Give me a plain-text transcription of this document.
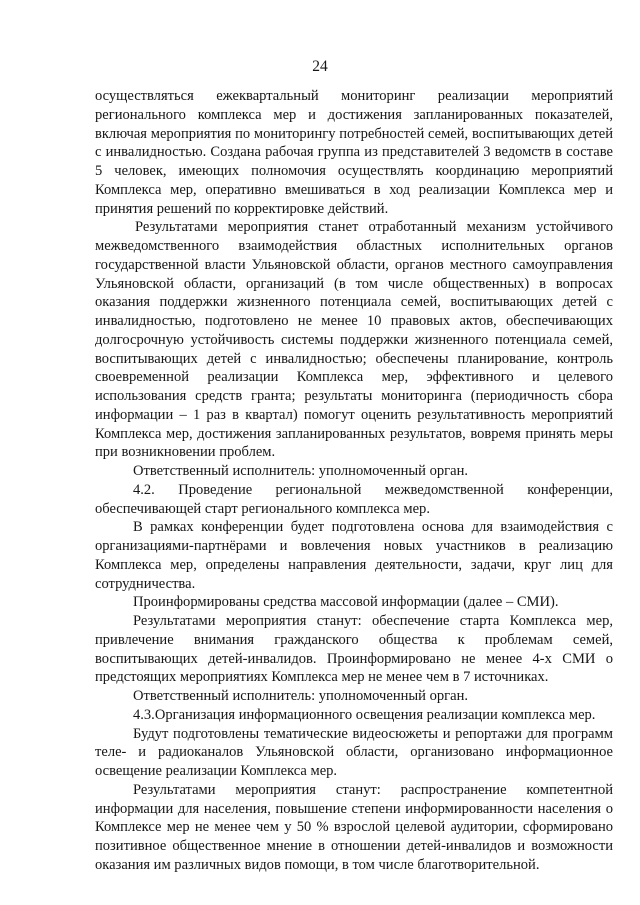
24

осуществляться ежеквартальный мониторинг реализации мероприятий регионального комплекса мер и достижения запланированных показателей, включая мероприятия по мониторингу потребностей семей, воспитывающих детей с инвалидностью. Создана рабочая группа из представителей 3 ведомств в составе 5 человек, имеющих полномочия осуществлять координацию мероприятий Комплекса мер, оперативно вмешиваться в ход реализации Комплекса мер и принятия решений по корректировке действий.

Результатами мероприятия станет отработанный механизм устойчивого межведомственного взаимодействия областных исполнительных органов государственной власти Ульяновской области, органов местного самоуправления Ульяновской области, организаций (в том числе общественных) в вопросах оказания поддержки жизненного потенциала семей, воспитывающих детей с инвалидностью, подготовлено не менее 10 правовых актов, обеспечивающих долгосрочную устойчивость системы поддержки жизненного потенциала семей, воспитывающих детей с инвалидностью; обеспечены планирование, контроль своевременной реализации Комплекса мер, эффективного и целевого использования средств гранта; результаты мониторинга (периодичность сбора информации – 1 раз в квартал) помогут оценить результативность мероприятий Комплекса мер, достижения запланированных результатов, вовремя принять меры при возникновении проблем.

Ответственный исполнитель: уполномоченный орган.

4.2. Проведение региональной межведомственной конференции, обеспечивающей старт регионального комплекса мер.

В рамках конференции будет подготовлена основа для взаимодействия с организациями-партнёрами и вовлечения новых участников в реализацию Комплекса мер, определены направления деятельности, задачи, круг лиц для сотрудничества.

Проинформированы средства массовой информации (далее – СМИ).

Результатами мероприятия станут: обеспечение старта Комплекса мер, привлечение внимания гражданского общества к проблемам семей, воспитывающих детей-инвалидов. Проинформировано не менее 4-х СМИ о предстоящих мероприятиях Комплекса мер не менее чем в 7 источниках.

Ответственный исполнитель: уполномоченный орган.

4.3.Организация информационного освещения реализации комплекса мер.

Будут подготовлены тематические видеосюжеты и репортажи для программ теле- и радиоканалов Ульяновской области, организовано информационное освещение реализации Комплекса мер.

Результатами мероприятия станут: распространение компетентной информации для населения, повышение степени информированности населения о Комплексе мер не менее чем у 50 % взрослой целевой аудитории, сформировано позитивное общественное мнение в отношении детей-инвалидов и возможности оказания им различных видов помощи, в том числе благотворительной.
